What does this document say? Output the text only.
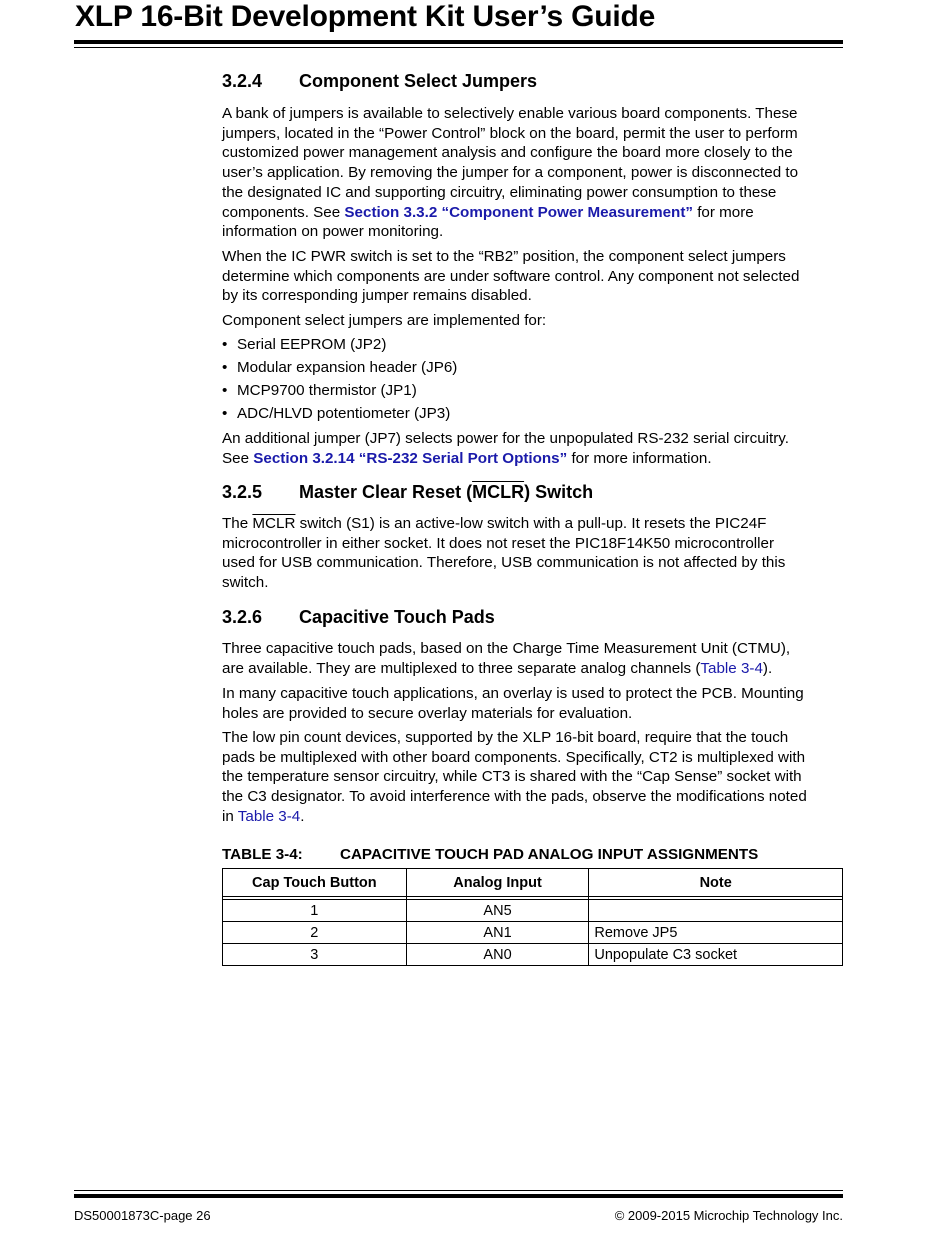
XLP 16-Bit Development Kit User’s Guide
3.2.4 Component Select Jumpers
A bank of jumpers is available to selectively enable various board components. These
jumpers, located in the “Power Control” block on the board, permit the user to perform
customized power management analysis and configure the board more closely to the
user’s application. By removing the jumper for a component, power is disconnected to
the designated IC and supporting circuitry, eliminating power consumption to these
components. See Section 3.3.2 “Component Power Measurement” for more
information on power monitoring.
When the IC PWR switch is set to the “RB2” position, the component select jumpers
determine which components are under software control. Any component not selected
by its corresponding jumper remains disabled.
Component select jumpers are implemented for:
• Serial EEPROM (JP2)
• Modular expansion header (JP6)
• MCP9700 thermistor (JP1)
• ADC/HLVD potentiometer (JP3)
An additional jumper (JP7) selects power for the unpopulated RS-232 serial circuitry.
See Section 3.2.14 “RS-232 Serial Port Options” for more information.
3.2.5 Master Clear Reset (MCLR) Switch
The MCLR switch (S1) is an active-low switch with a pull-up. It resets the PIC24F
microcontroller in either socket. It does not reset the PIC18F14K50 microcontroller
used for USB communication. Therefore, USB communication is not affected by this
switch.
3.2.6 Capacitive Touch Pads
Three capacitive touch pads, based on the Charge Time Measurement Unit (CTMU),
are available. They are multiplexed to three separate analog channels (Table 3-4).
In many capacitive touch applications, an overlay is used to protect the PCB. Mounting
holes are provided to secure overlay materials for evaluation.
The low pin count devices, supported by the XLP 16-bit board, require that the touch
pads be multiplexed with other board components. Specifically, CT2 is multiplexed with
the temperature sensor circuitry, while CT3 is shared with the “Cap Sense” socket with
the C3 designator. To avoid interference with the pads, observe the modifications noted
in Table 3-4.
TABLE 3-4: CAPACITIVE TOUCH PAD ANALOG INPUT ASSIGNMENTS
Cap Touch Button	Analog Input	Note

1	AN5	
2	AN1	Remove JP5
3	AN0	Unpopulate C3 socket
DS50001873C-page 26	© 2009-2015 Microchip Technology Inc.
